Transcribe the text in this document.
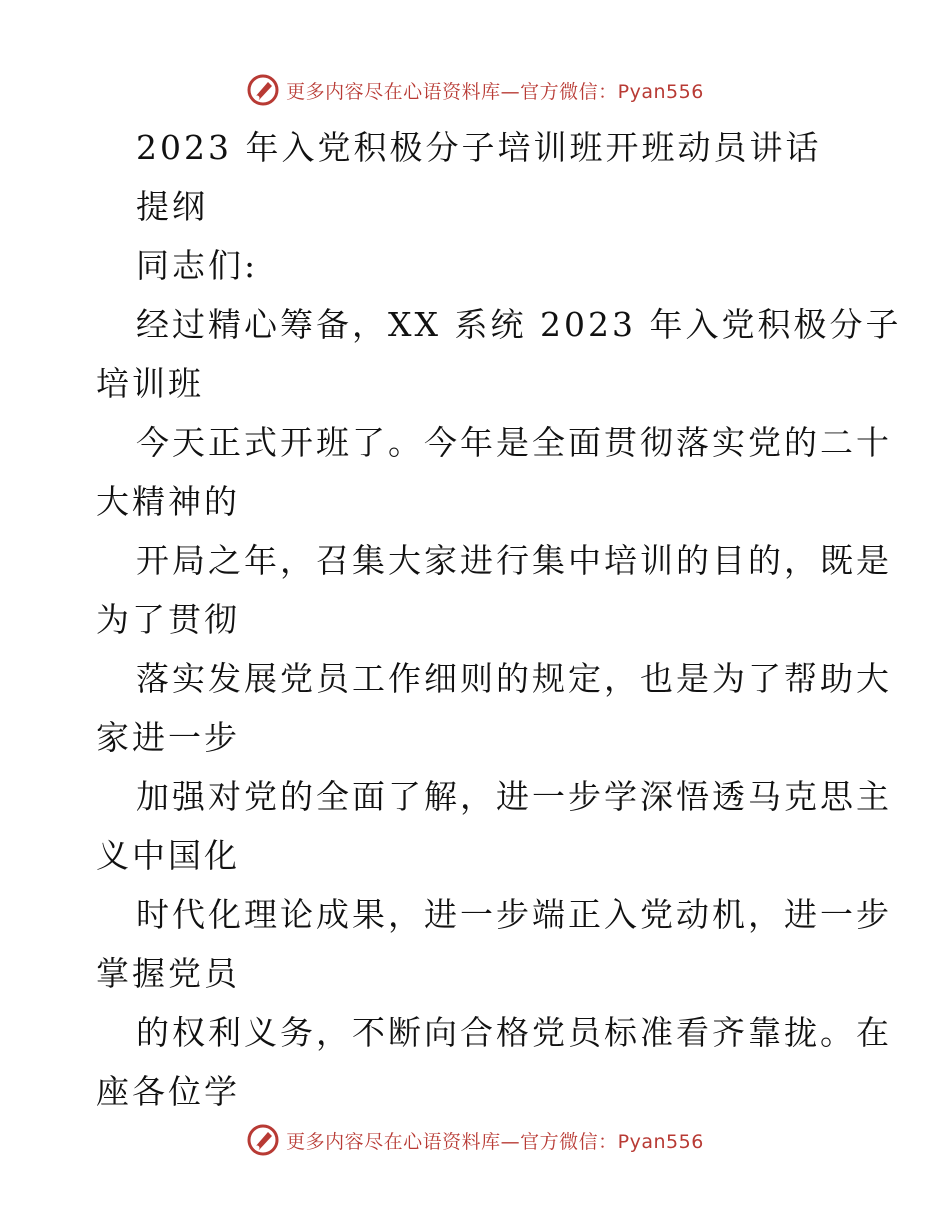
更多内容尽在心语资料库—官方微信：Pyan556
2023 年入党积极分子培训班开班动员讲话
提纲
同志们:
经过精心筹备，XX 系统 2023 年入党积极分子
培训班
今天正式开班了。今年是全面贯彻落实党的二十
大精神的
开局之年，召集大家进行集中培训的目的，既是
为了贯彻
落实发展党员工作细则的规定，也是为了帮助大
家进一步
加强对党的全面了解，进一步学深悟透马克思主
义中国化
时代化理论成果，进一步端正入党动机，进一步
掌握党员
的权利义务，不断向合格党员标准看齐靠拢。在
座各位学
更多内容尽在心语资料库—官方微信：Pyan556
